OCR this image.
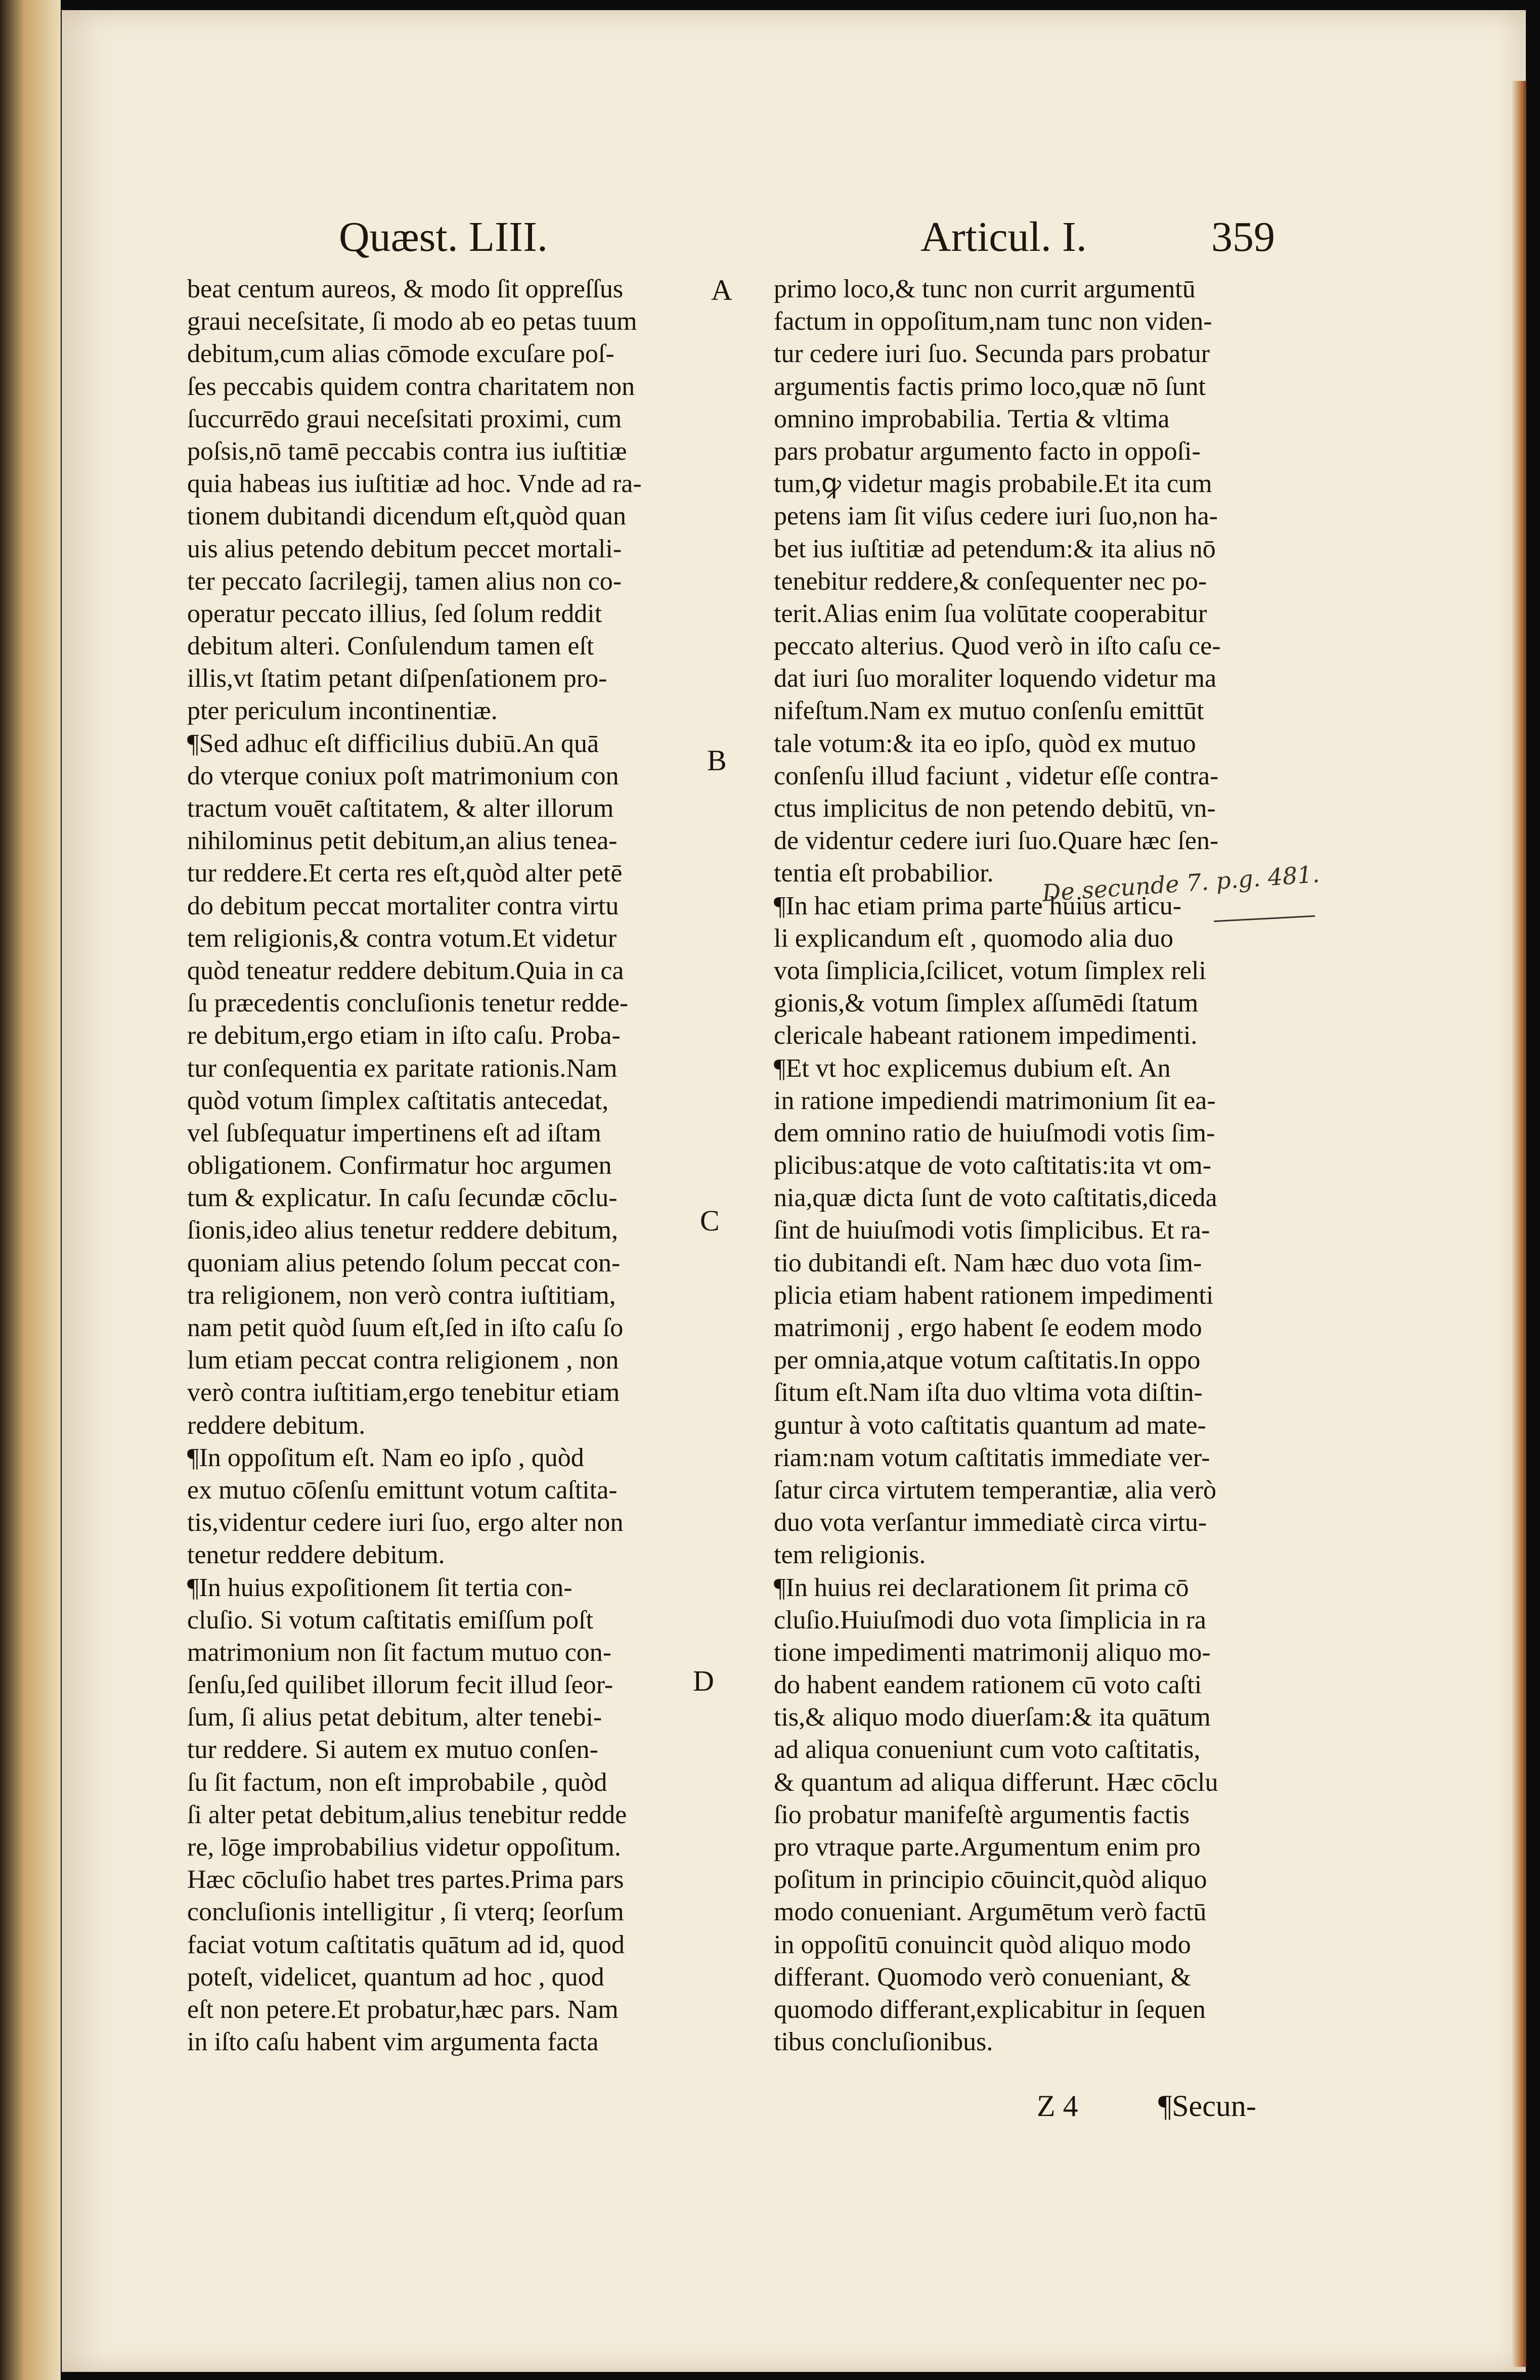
Quæst. LIII.	Articul. I.	359
beat centum aureos, & modo ſit oppreſſus
graui neceſsitate, ſi modo ab eo petas tuum
debitum,cum alias cōmode excuſare poſ-
ſes peccabis quidem contra charitatem non
ſuccurrēdo graui neceſsitati proximi, cum
poſsis,nō tamē peccabis contra ius iuſtitiæ
quia habeas ius iuſtitiæ ad hoc. Vnde ad ra-
tionem dubitandi dicendum eſt,quòd quan
uis alius petendo debitum peccet mortali-
ter peccato ſacrilegij, tamen alius non co-
operatur peccato illius, ſed ſolum reddit
debitum alteri. Conſulendum tamen eſt
illis,vt ſtatim petant diſpenſationem pro-
pter periculum incontinentiæ.
¶Sed adhuc eſt difficilius dubiū.An quā
do vterque coniux poſt matrimonium con
tractum vouēt caſtitatem, & alter illorum
nihilominus petit debitum,an alius tenea-
tur reddere.Et certa res eſt,quòd alter petē
do debitum peccat mortaliter contra virtu
tem religionis,& contra votum.Et videtur
quòd teneatur reddere debitum.Quia in ca
ſu præcedentis concluſionis tenetur redde-
re debitum,ergo etiam in iſto caſu. Proba-
tur conſequentia ex paritate rationis.Nam
quòd votum ſimplex caſtitatis antecedat,
vel ſubſequatur impertinens eſt ad iſtam
obligationem. Confirmatur hoc argumen
tum & explicatur. In caſu ſecundæ cōclu-
ſionis,ideo alius tenetur reddere debitum,
quoniam alius petendo ſolum peccat con-
tra religionem, non verò contra iuſtitiam,
nam petit quòd ſuum eſt,ſed in iſto caſu ſo
lum etiam peccat contra religionem , non
verò contra iuſtitiam,ergo tenebitur etiam
reddere debitum.
¶In oppoſitum eſt. Nam eo ipſo , quòd
ex mutuo cōſenſu emittunt votum caſtita-
tis,videntur cedere iuri ſuo, ergo alter non
tenetur reddere debitum.
¶In huius expoſitionem ſit tertia con-
cluſio. Si votum caſtitatis emiſſum poſt
matrimonium non ſit factum mutuo con-
ſenſu,ſed quilibet illorum fecit illud ſeor-
ſum, ſi alius petat debitum, alter tenebi-
tur reddere. Si autem ex mutuo conſen-
ſu ſit factum, non eſt improbabile , quòd
ſi alter petat debitum,alius tenebitur redde
re, lōge improbabilius videtur oppoſitum.
Hæc cōcluſio habet tres partes.Prima pars
concluſionis intelligitur , ſi vterq; ſeorſum
faciat votum caſtitatis quātum ad id, quod
poteſt, videlicet, quantum ad hoc , quod
eſt non petere.Et probatur,hæc pars. Nam
in iſto caſu habent vim argumenta facta
primo loco,& tunc non currit argumentū
factum in oppoſitum,nam tunc non viden-
tur cedere iuri ſuo. Secunda pars probatur
argumentis factis primo loco,quæ nō ſunt
omnino improbabilia. Tertia & vltima
pars probatur argumento facto in oppoſi-
tum,ꝙ videtur magis probabile.Et ita cum
petens iam ſit viſus cedere iuri ſuo,non ha-
bet ius iuſtitiæ ad petendum:& ita alius nō
tenebitur reddere,& conſequenter nec po-
terit.Alias enim ſua volūtate cooperabitur
peccato alterius. Quod verò in iſto caſu ce-
dat iuri ſuo moraliter loquendo videtur ma
nifeſtum.Nam ex mutuo conſenſu emittūt
tale votum:& ita eo ipſo, quòd ex mutuo
conſenſu illud faciunt , videtur eſſe contra-
ctus implicitus de non petendo debitū, vn-
de videntur cedere iuri ſuo.Quare hæc ſen-
tentia eſt probabilior.
¶In hac etiam prima parte huius articu-
li explicandum eſt , quomodo alia duo
vota ſimplicia,ſcilicet, votum ſimplex reli
gionis,& votum ſimplex aſſumēdi ſtatum
clericale habeant rationem impedimenti.
¶Et vt hoc explicemus dubium eſt. An
in ratione impediendi matrimonium ſit ea-
dem omnino ratio de huiuſmodi votis ſim-
plicibus:atque de voto caſtitatis:ita vt om-
nia,quæ dicta ſunt de voto caſtitatis,diceda
ſint de huiuſmodi votis ſimplicibus. Et ra-
tio dubitandi eſt. Nam hæc duo vota ſim-
plicia etiam habent rationem impedimenti
matrimonij , ergo habent ſe eodem modo
per omnia,atque votum caſtitatis.In oppo
ſitum eſt.Nam iſta duo vltima vota diſtin-
guntur à voto caſtitatis quantum ad mate-
riam:nam votum caſtitatis immediate ver-
ſatur circa virtutem temperantiæ, alia verò
duo vota verſantur immediatè circa virtu-
tem religionis.
¶In huius rei declarationem ſit prima cō
cluſio.Huiuſmodi duo vota ſimplicia in ra
tione impedimenti matrimonij aliquo mo-
do habent eandem rationem cū voto caſti
tis,& aliquo modo diuerſam:& ita quātum
ad aliqua conueniunt cum voto caſtitatis,
& quantum ad aliqua differunt. Hæc cōclu
ſio probatur manifeſtè argumentis factis
pro vtraque parte.Argumentum enim pro
poſitum in principio cōuincit,quòd aliquo
modo conueniant. Argumētum verò factū
in oppoſitū conuincit quòd aliquo modo
differant. Quomodo verò conueniant, &
quomodo differant,explicabitur in ſequen
tibus concluſionibus.
A
B
C
D
De secunde 7. p.g. 481.
Z 4	¶Secun-
